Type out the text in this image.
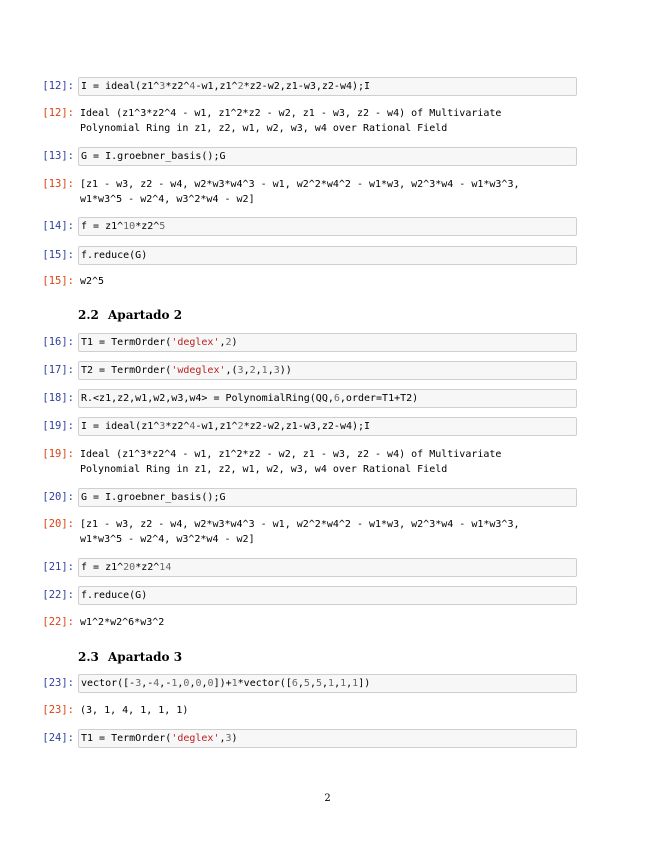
[12]: I = ideal(z1^3*z2^4-w1,z1^2*z2-w2,z1-w3,z2-w4);I
[12]: Ideal (z1^3*z2^4 - w1, z1^2*z2 - w2, z1 - w3, z2 - w4) of Multivariate
Polynomial Ring in z1, z2, w1, w2, w3, w4 over Rational Field
[13]: G = I.groebner_basis();G
[13]: [z1 - w3, z2 - w4, w2*w3*w4^3 - w1, w2^2*w4^2 - w1*w3, w2^3*w4 - w1*w3^3,
w1*w3^5 - w2^4, w3^2*w4 - w2]
[14]: f = z1^10*z2^5
[15]: f.reduce(G)
[15]: w2^5
2.2 Apartado 2
[16]: T1 = TermOrder('deglex',2)
[17]: T2 = TermOrder('wdeglex',(3,2,1,3))
[18]: R.<z1,z2,w1,w2,w3,w4> = PolynomialRing(QQ,6,order=T1+T2)
[19]: I = ideal(z1^3*z2^4-w1,z1^2*z2-w2,z1-w3,z2-w4);I
[19]: Ideal (z1^3*z2^4 - w1, z1^2*z2 - w2, z1 - w3, z2 - w4) of Multivariate
Polynomial Ring in z1, z2, w1, w2, w3, w4 over Rational Field
[20]: G = I.groebner_basis();G
[20]: [z1 - w3, z2 - w4, w2*w3*w4^3 - w1, w2^2*w4^2 - w1*w3, w2^3*w4 - w1*w3^3,
w1*w3^5 - w2^4, w3^2*w4 - w2]
[21]: f = z1^20*z2^14
[22]: f.reduce(G)
[22]: w1^2*w2^6*w3^2
2.3 Apartado 3
[23]: vector([-3,-4,-1,0,0,0])+1*vector([6,5,5,1,1,1])
[23]: (3, 1, 4, 1, 1, 1)
[24]: T1 = TermOrder('deglex',3)
2
